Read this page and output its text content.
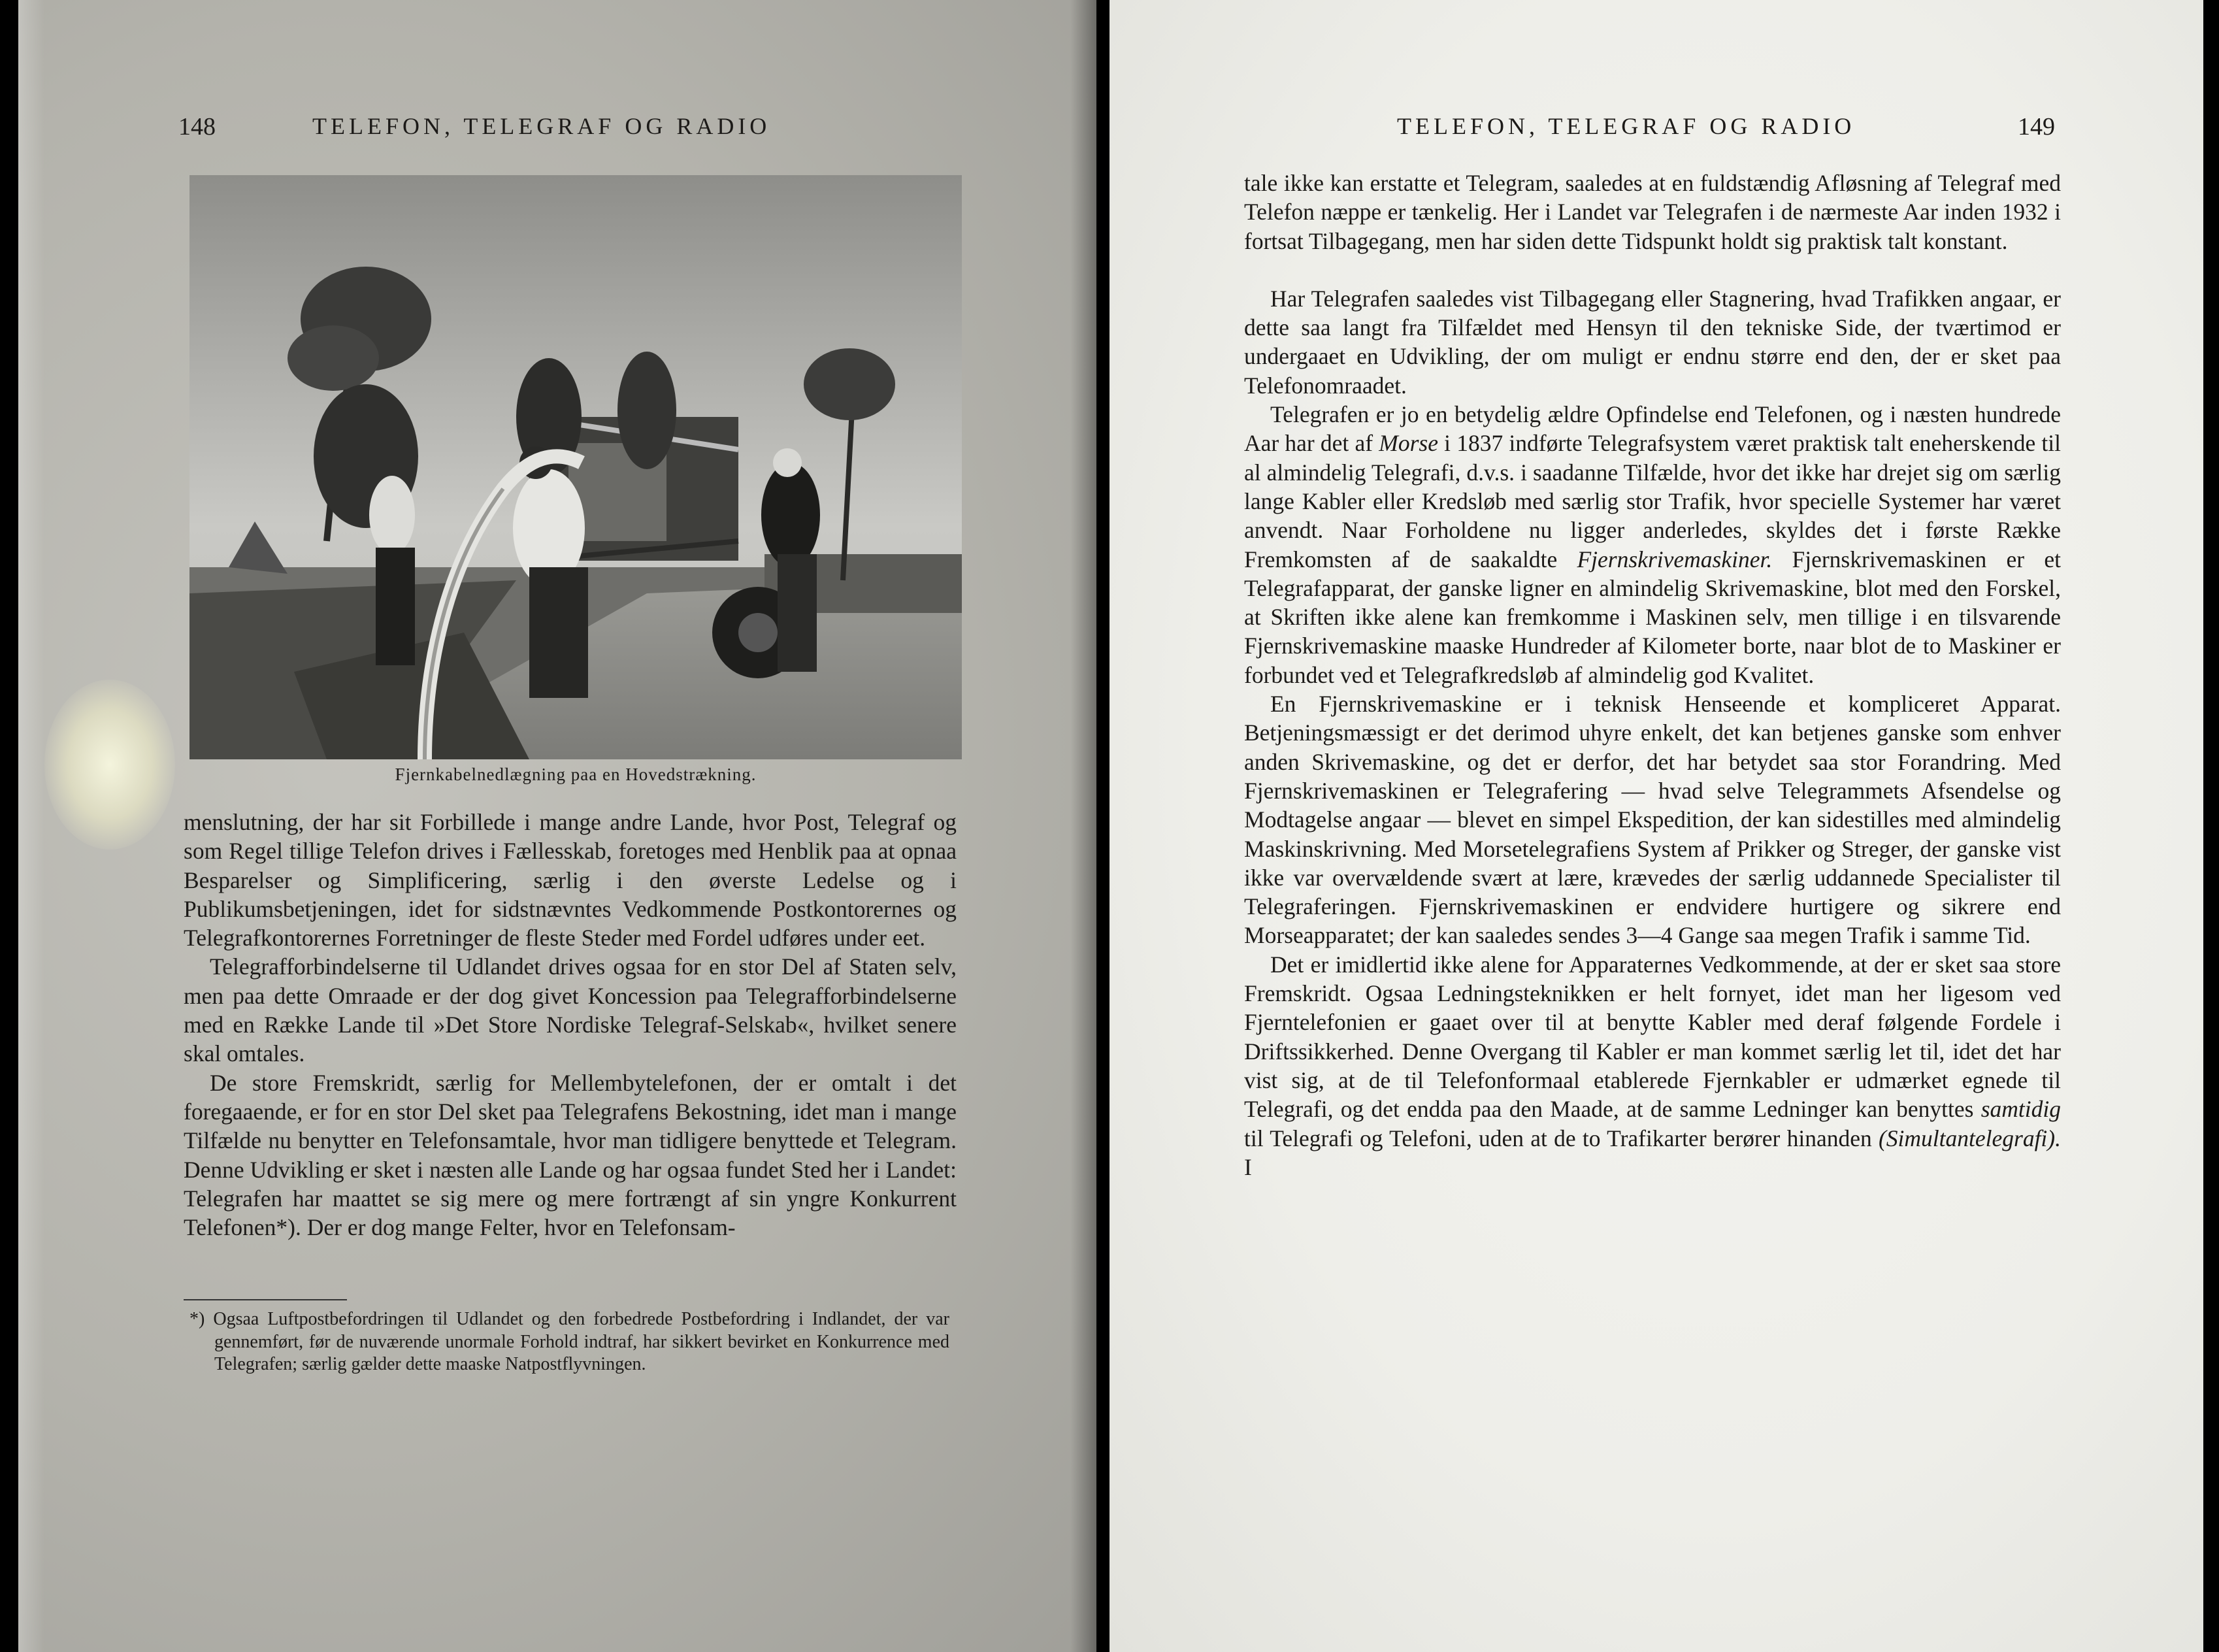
148	TELEFON, TELEGRAF OG RADIO
Fjernkabelnedlægning paa en Hovedstrækning.

menslutning, der har sit Forbillede i mange andre Lande, hvor Post, Telegraf og som Regel tillige Telefon drives i Fællesskab, foretoges med Henblik paa at opnaa Besparelser og Simplificering, særlig i den øverste Ledelse og i Publikumsbetjeningen, idet for sidstnævntes Vedkommende Postkontorernes og Telegrafkontorernes Forretninger de fleste Steder med Fordel udføres under eet.

Telegrafforbindelserne til Udlandet drives ogsaa for en stor Del af Staten selv, men paa dette Omraade er der dog givet Koncession paa Telegrafforbindelserne med en Række Lande til »Det Store Nordiske Telegraf-Selskab«, hvilket senere skal omtales.

De store Fremskridt, særlig for Mellembytelefonen, der er omtalt i det foregaaende, er for en stor Del sket paa Telegrafens Bekostning, idet man i mange Tilfælde nu benytter en Telefonsamtale, hvor man tidligere benyttede et Telegram. Denne Udvikling er sket i næsten alle Lande og har ogsaa fundet Sted her i Landet: Telegrafen har maattet se sig mere og mere fortrængt af sin yngre Konkurrent Telefonen*). Der er dog mange Felter, hvor en Telefonsam-

*) Ogsaa Luftpostbefordringen til Udlandet og den forbedrede Postbefordring i Indlandet, der var gennemført, før de nuværende unormale Forhold indtraf, har sikkert bevirket en Konkurrence med Telegrafen; særlig gælder dette maaske Natpostflyvningen.
TELEFON, TELEGRAF OG RADIO	149

tale ikke kan erstatte et Telegram, saaledes at en fuldstændig Afløsning af Telegraf med Telefon næppe er tænkelig. Her i Landet var Telegrafen i de nærmeste Aar inden 1932 i fortsat Tilbagegang, men har siden dette Tidspunkt holdt sig praktisk talt konstant.

Har Telegrafen saaledes vist Tilbagegang eller Stagnering, hvad Trafikken angaar, er dette saa langt fra Tilfældet med Hensyn til den tekniske Side, der tværtimod er undergaaet en Udvikling, der om muligt er endnu større end den, der er sket paa Telefonomraadet.

Telegrafen er jo en betydelig ældre Opfindelse end Telefonen, og i næsten hundrede Aar har det af Morse i 1837 indførte Telegrafsystem været praktisk talt eneherskende til al almindelig Telegrafi, d.v.s. i saadanne Tilfælde, hvor det ikke har drejet sig om særlig lange Kabler eller Kredsløb med særlig stor Trafik, hvor specielle Systemer har været anvendt. Naar Forholdene nu ligger anderledes, skyldes det i første Række Fremkomsten af de saakaldte Fjernskrivemaskiner. Fjernskrivemaskinen er et Telegrafapparat, der ganske ligner en almindelig Skrivemaskine, blot med den Forskel, at Skriften ikke alene kan fremkomme i Maskinen selv, men tillige i en tilsvarende Fjernskrivemaskine maaske Hundreder af Kilometer borte, naar blot de to Maskiner er forbundet ved et Telegrafkredsløb af almindelig god Kvalitet.

En Fjernskrivemaskine er i teknisk Henseende et kompliceret Apparat. Betjeningsmæssigt er det derimod uhyre enkelt, det kan betjenes ganske som enhver anden Skrivemaskine, og det er derfor, det har betydet saa stor Forandring. Med Fjernskrivemaskinen er Telegrafering — hvad selve Telegrammets Afsendelse og Modtagelse angaar — blevet en simpel Ekspedition, der kan sidestilles med almindelig Maskinskrivning. Med Morsetelegrafiens System af Prikker og Streger, der ganske vist ikke var overvældende svært at lære, krævedes der særlig uddannede Specialister til Telegraferingen. Fjernskrivemaskinen er endvidere hurtigere og sikrere end Morseapparatet; der kan saaledes sendes 3—4 Gange saa megen Trafik i samme Tid.

Det er imidlertid ikke alene for Apparaternes Vedkommende, at der er sket saa store Fremskridt. Ogsaa Ledningsteknikken er helt fornyet, idet man her ligesom ved Fjerntelefonien er gaaet over til at benytte Kabler med deraf følgende Fordele i Driftssikkerhed. Denne Overgang til Kabler er man kommet særlig let til, idet det har vist sig, at de til Telefonformaal etablerede Fjernkabler er udmærket egnede til Telegrafi, og det endda paa den Maade, at de samme Ledninger kan benyttes samtidig til Telegrafi og Telefoni, uden at de to Trafikarter berører hinanden (Simultantelegrafi). I
